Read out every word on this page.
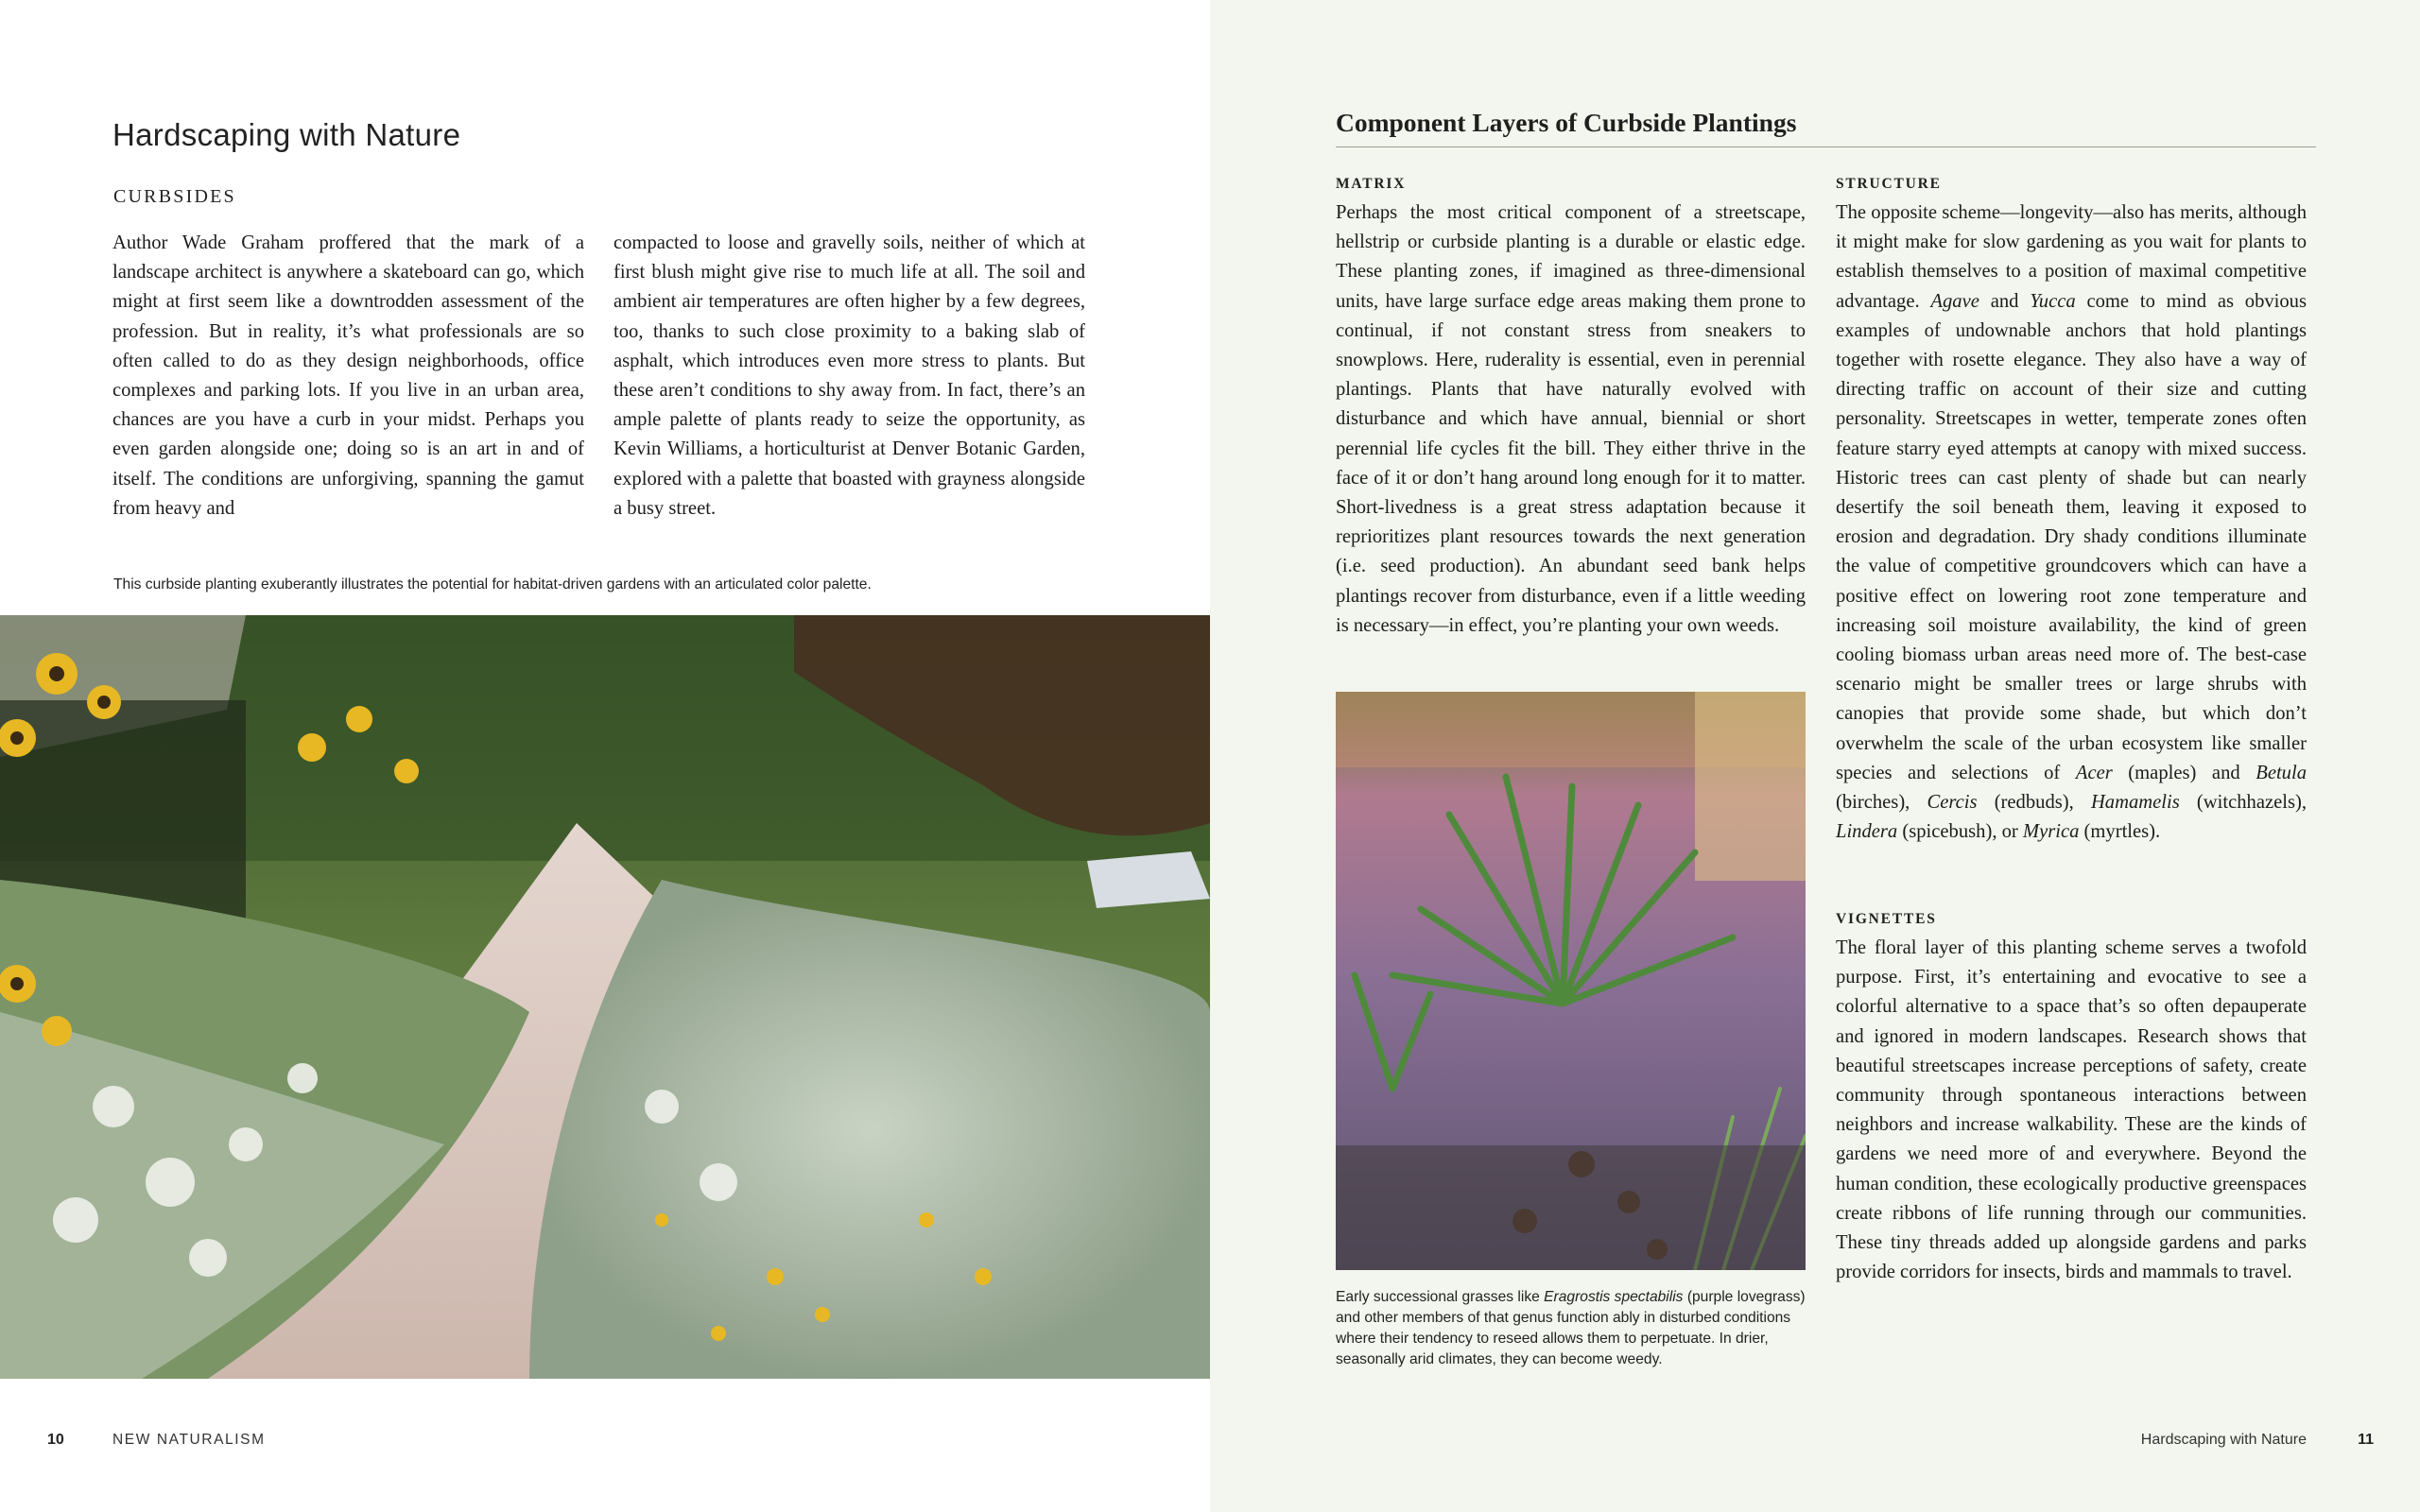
Hardscaping with Nature
CURBSIDES

Author Wade Graham proffered that the mark of a landscape architect is anywhere a skateboard can go, which might at first seem like a downtrodden assessment of the profession. But in reality, it’s what professionals are so often called to do as they design neighborhoods, office complexes and parking lots. If you live in an urban area, chances are you have a curb in your midst. Perhaps you even garden alongside one; doing so is an art in and of itself. The conditions are unforgiving, spanning the gamut from heavy and

compacted to loose and gravelly soils, neither of which at first blush might give rise to much life at all. The soil and ambient air temperatures are often higher by a few degrees, too, thanks to such close proximity to a baking slab of asphalt, which introduces even more stress to plants. But these aren’t conditions to shy away from. In fact, there’s an ample palette of plants ready to seize the opportunity, as Kevin Williams, a horticulturist at Denver Botanic Garden, explored with a palette that boasted with grayness alongside a busy street.

This curbside planting exuberantly illustrates the potential for habitat-driven gardens with an articulated color palette.
10	NEW NATURALISM
Component Layers of Curbside Plantings
MATRIX

Perhaps the most critical component of a streetscape, hellstrip or curbside planting is a durable or elastic edge. These planting zones, if imagined as three-dimensional units, have large surface edge areas making them prone to continual, if not constant stress from sneakers to snowplows. Here, ruderality is essential, even in perennial plantings. Plants that have naturally evolved with disturbance and which have annual, biennial or short perennial life cycles fit the bill. They either thrive in the face of it or don’t hang around long enough for it to matter. Short-livedness is a great stress adaptation because it reprioritizes plant resources towards the next generation (i.e. seed production). An abundant seed bank helps plantings recover from disturbance, even if a little weeding is necessary—in effect, you’re planting your own weeds.

Early successional grasses like Eragrostis spectabilis (purple lovegrass) and other members of that genus function ably in disturbed conditions where their tendency to reseed allows them to perpetuate. In drier, seasonally arid climates, they can become weedy.

STRUCTURE

The opposite scheme—longevity—also has merits, although it might make for slow gardening as you wait for plants to establish themselves to a position of maximal competitive advantage. Agave and Yucca come to mind as obvious examples of undownable anchors that hold plantings together with rosette elegance. They also have a way of directing traffic on account of their size and cutting personality. Streetscapes in wetter, temperate zones often feature starry eyed attempts at canopy with mixed success. Historic trees can cast plenty of shade but can nearly desertify the soil beneath them, leaving it exposed to erosion and degradation. Dry shady conditions illuminate the value of competitive groundcovers which can have a positive effect on lowering root zone temperature and increasing soil moisture availability, the kind of green cooling biomass urban areas need more of. The best-case scenario might be smaller trees or large shrubs with canopies that provide some shade, but which don’t overwhelm the scale of the urban ecosystem like smaller species and selections of Acer (maples) and Betula (birches), Cercis (redbuds), Hamamelis (witchhazels), Lindera (spicebush), or Myrica (myrtles).

VIGNETTES

The floral layer of this planting scheme serves a twofold purpose. First, it’s entertaining and evocative to see a colorful alternative to a space that’s so often depauperate and ignored in modern landscapes. Research shows that beautiful streetscapes increase perceptions of safety, create community through spontaneous interactions between neighbors and increase walkability. These are the kinds of gardens we need more of and everywhere. Beyond the human condition, these ecologically productive greenspaces create ribbons of life running through our communities. These tiny threads added up alongside gardens and parks provide corridors for insects, birds and mammals to travel.

Hardscaping with Nature	11
